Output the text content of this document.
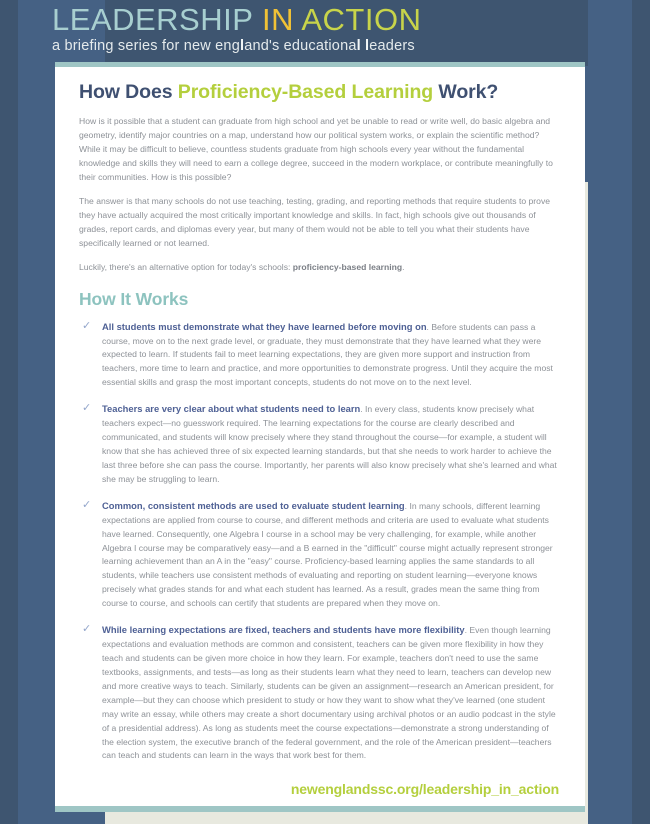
LEADERSHIP IN ACTION
a briefing series for new england's educational leaders
How Does Proficiency-Based Learning Work?

How is it possible that a student can graduate from high school and yet be unable to read or write well, do basic algebra and geometry, identify major countries on a map, understand how our political system works, or explain the scientific method? While it may be difficult to believe, countless students graduate from high schools every year without the fundamental knowledge and skills they will need to earn a college degree, succeed in the modern workplace, or contribute meaningfully to their communities. How is this possible?

The answer is that many schools do not use teaching, testing, grading, and reporting methods that require students to prove they have actually acquired the most critically important knowledge and skills. In fact, high schools give out thousands of grades, report cards, and diplomas every year, but many of them would not be able to tell you what their students have specifically learned or not learned.

Luckily, there's an alternative option for today's schools: proficiency-based learning.

How It Works
✓ All students must demonstrate what they have learned before moving on. Before students can pass a course, move on to the next grade level, or graduate, they must demonstrate that they have learned what they were expected to learn. If students fail to meet learning expectations, they are given more support and instruction from teachers, more time to learn and practice, and more opportunities to demonstrate progress. Until they acquire the most essential skills and grasp the most important concepts, students do not move on to the next level.
✓ Teachers are very clear about what students need to learn. In every class, students know precisely what teachers expect—no guesswork required. The learning expectations for the course are clearly described and communicated, and students will know precisely where they stand throughout the course—for example, a student will know that she has achieved three of six expected learning standards, but that she needs to work harder to achieve the last three before she can pass the course. Importantly, her parents will also know precisely what she's learned and what she may be struggling to learn.
✓ Common, consistent methods are used to evaluate student learning. In many schools, different learning expectations are applied from course to course, and different methods and criteria are used to evaluate what students have learned. Consequently, one Algebra I course in a school may be very challenging, for example, while another Algebra I course may be comparatively easy—and a B earned in the "difficult" course might actually represent stronger learning achievement than an A in the "easy" course. Proficiency-based learning applies the same standards to all students, while teachers use consistent methods of evaluating and reporting on student learning—everyone knows precisely what grades stands for and what each student has learned. As a result, grades mean the same thing from course to course, and schools can certify that students are prepared when they move on.
✓ While learning expectations are fixed, teachers and students have more flexibility. Even though learning expectations and evaluation methods are common and consistent, teachers can be given more flexibility in how they teach and students can be given more choice in how they learn. For example, teachers don't need to use the same textbooks, assignments, and tests—as long as their students learn what they need to learn, teachers can develop new and more creative ways to teach. Similarly, students can be given an assignment—research an American president, for example—but they can choose which president to study or how they want to show what they've learned (one student may write an essay, while others may create a short documentary using archival photos or an audio podcast in the style of a presidential address). As long as students meet the course expectations—demonstrate a strong understanding of the election system, the executive branch of the federal government, and the role of the American president—teachers can teach and students can learn in the ways that work best for them.
newenglandssc.org/leadership_in_action
